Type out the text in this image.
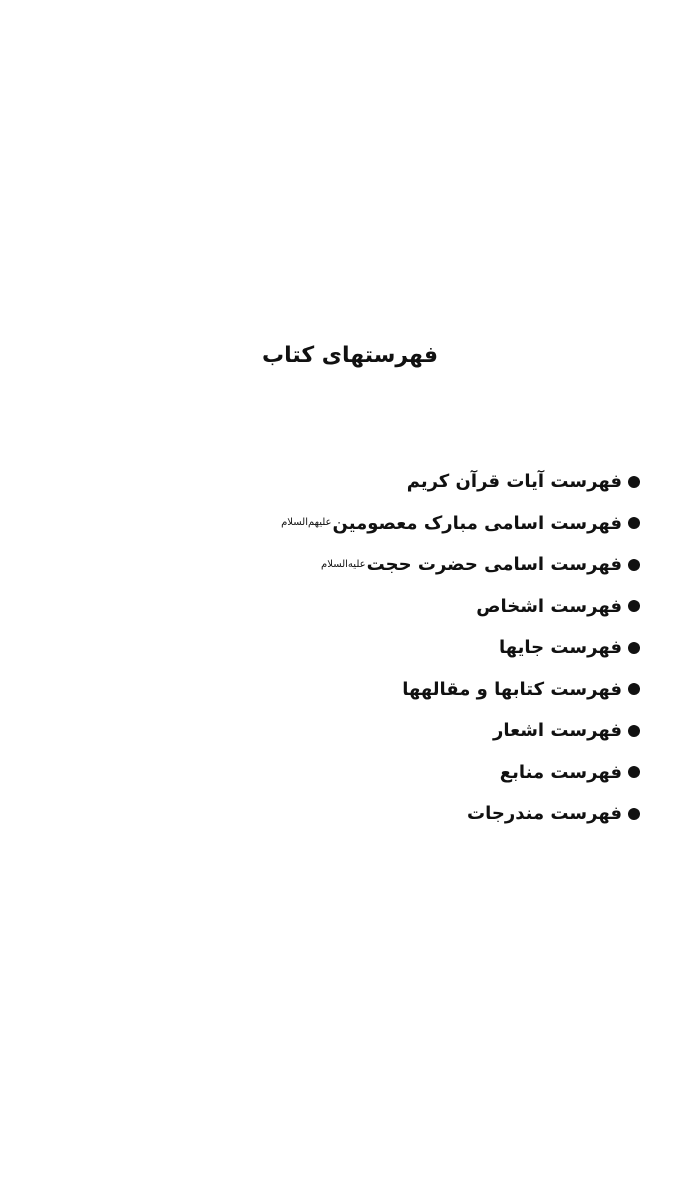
فهرستهای کتاب
فهرست آیات قرآن کریم
فهرست اسامی مبارک معصومین
علیهم‌السلام
فهرست اسامی حضرت حجت
علیه‌السلام
فهرست اشخاص
فهرست جایها
فهرست کتابها و مقالهها
فهرست اشعار
فهرست منابع
فهرست مندرجات
